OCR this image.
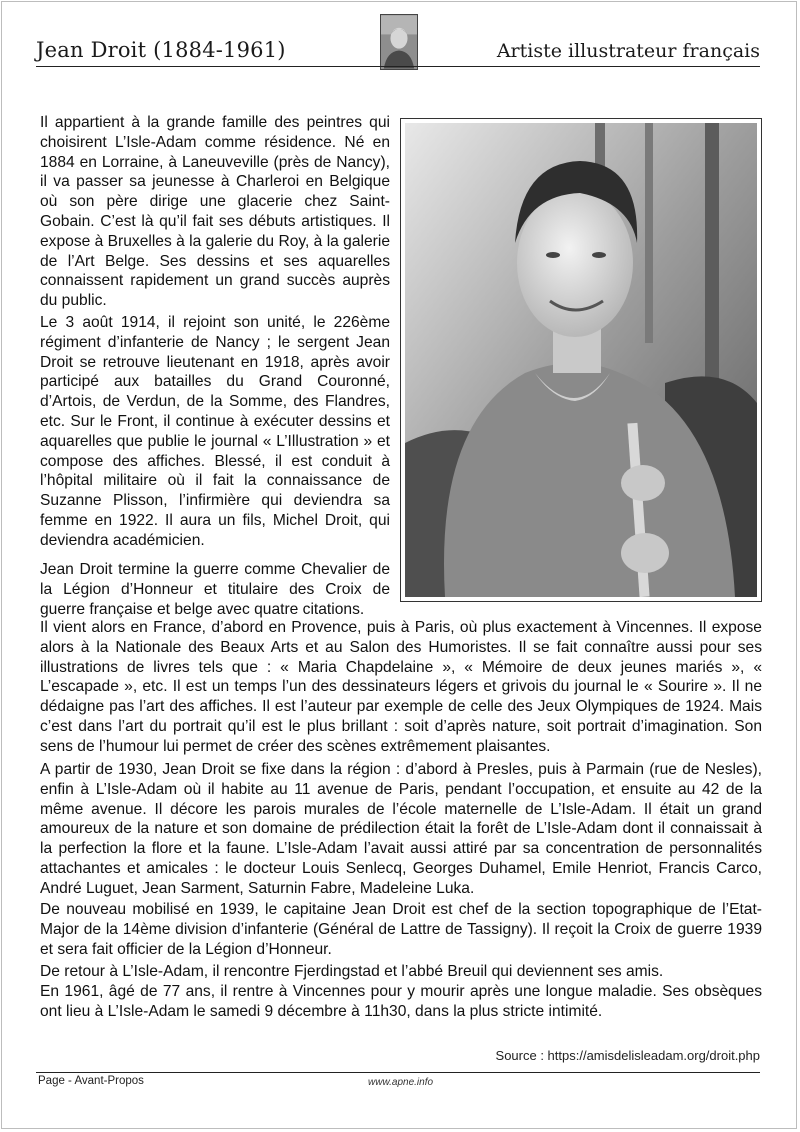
Jean Droit (1884-1961)	Artiste illustrateur français

Il appartient à la grande famille des peintres qui choisirent L’Isle-Adam comme résidence. Né en 1884 en Lorraine, à Laneuveville (près de Nancy), il va passer sa jeunesse à Charleroi en Belgique où son père dirige une glacerie chez Saint-Gobain. C’est là qu’il fait ses débuts artistiques. Il expose à Bruxelles à la galerie du Roy, à la galerie de l’Art Belge. Ses dessins et ses aquarelles connaissent rapidement un grand succès auprès du public.

Le 3 août 1914, il rejoint son unité, le 226ème régiment d’infanterie de Nancy ; le sergent Jean Droit se retrouve lieutenant en 1918, après avoir participé aux batailles du Grand Couronné, d’Artois, de Verdun, de la Somme, des Flandres, etc. Sur le Front, il continue à exécuter dessins et aquarelles que publie le journal « L’Illustration » et compose des affiches. Blessé, il est conduit à l’hôpital militaire où il fait la connaissance de Suzanne Plisson, l’infirmière qui deviendra sa femme en 1922. Il aura un fils, Michel Droit, qui deviendra académicien.

Jean Droit termine la guerre comme Chevalier de la Légion d’Honneur et titulaire des Croix de guerre française et belge avec quatre citations.

Il vient alors en France, d’abord en Provence, puis à Paris, où plus exactement à Vincennes. Il expose alors à la Nationale des Beaux Arts et au Salon des Humoristes. Il se fait connaître aussi pour ses illustrations de livres tels que : « Maria Chapdelaine », « Mémoire de deux jeunes mariés », « L’escapade », etc. Il est un temps l’un des dessinateurs légers et grivois du journal le « Sourire ». Il ne dédaigne pas l’art des affiches. Il est l’auteur par exemple de celle des Jeux Olympiques de 1924. Mais c’est dans l’art du portrait qu’il est le plus brillant : soit d’après nature, soit portrait d’imagination. Son sens de l’humour lui permet de créer des scènes extrêmement plaisantes.

A partir de 1930, Jean Droit se fixe dans la région : d’abord à Presles, puis à Parmain (rue de Nesles), enfin à L’Isle-Adam où il habite au 11 avenue de Paris, pendant l’occupation, et ensuite au 42 de la même avenue. Il décore les parois murales de l’école maternelle de L’Isle-Adam. Il était un grand amoureux de la nature et son domaine de prédilection était la forêt de L’Isle-Adam dont il connaissait à la perfection la flore et la faune. L’Isle-Adam l’avait aussi attiré par sa concentration de personnalités attachantes et amicales : le docteur Louis Senlecq, Georges Duhamel, Emile Henriot, Francis Carco, André Luguet, Jean Sarment, Saturnin Fabre, Madeleine Luka.

De nouveau mobilisé en 1939, le capitaine Jean Droit est chef de la section topographique de l’Etat-Major de la 14ème division d’infanterie (Général de Lattre de Tassigny). Il reçoit la Croix de guerre 1939 et sera fait officier de la Légion d’Honneur.

De retour à L’Isle-Adam, il rencontre Fjerdingstad et l’abbé Breuil qui deviennent ses amis.

En 1961, âgé de 77 ans, il rentre à Vincennes pour y mourir après une longue maladie. Ses obsèques ont lieu à L’Isle-Adam le samedi 9 décembre à 11h30, dans la plus stricte intimité.

Source : https://amisdelisleadam.org/droit.php
Page - Avant-Propos	www.apne.info
